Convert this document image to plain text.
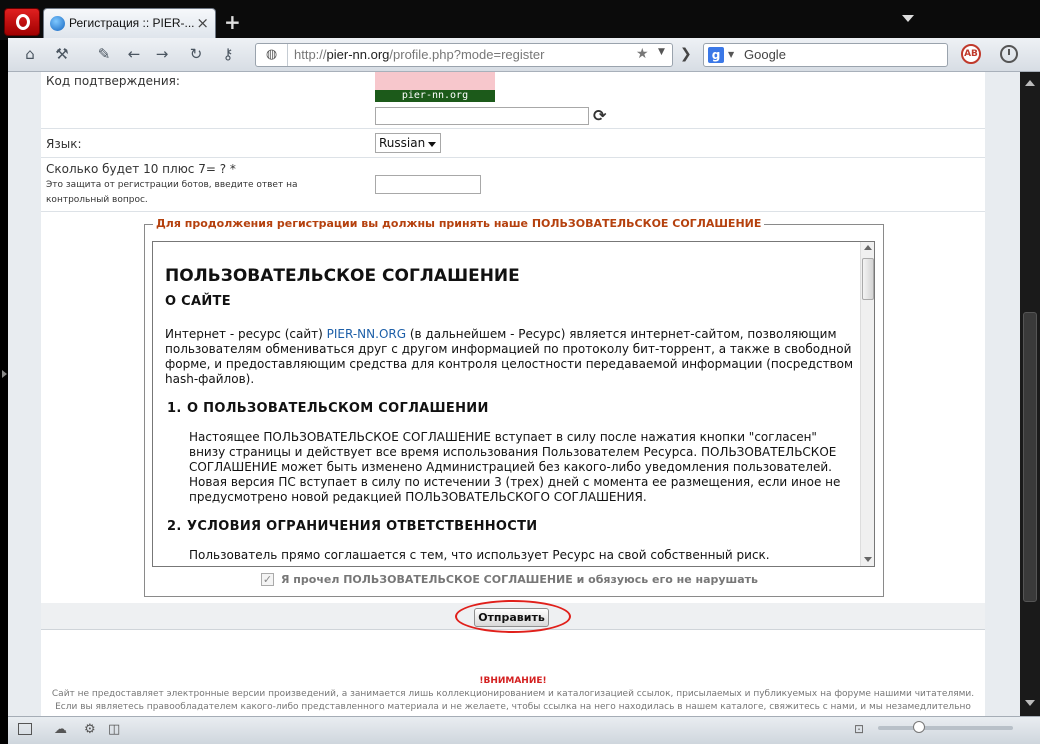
Регистрация :: PIER-... × +
⌂	⚒ ✎ ← → ↻	⚷	◍	http://pier-nn.org/profile.php?mode=register	★ ▼ ❯	g ▼ Google	AB
Код подтверждения:
pier-nn.org
⟳
Язык:	Russian
Сколько будет 10 плюс 7= ? *
Это защита от регистрации ботов, введите ответ на контрольный вопрос.
Для продолжения регистрации вы должны принять наше ПОЛЬЗОВАТЕЛЬСКОЕ СОГЛАШЕНИЕ
ПОЛЬЗОВАТЕЛЬСКОЕ СОГЛАШЕНИЕ
О САЙТЕ

Интернет - ресурс (сайт) PIER-NN.ORG (в дальнейшем - Ресурс) является интернет-сайтом, позволяющим пользователям обмениваться друг с другом информацией по протоколу бит-торрент, а также в свободной форме, и предоставляющим средства для контроля целостности передаваемой информации (посредством hash-файлов).

1. О ПОЛЬЗОВАТЕЛЬСКОМ СОГЛАШЕНИИ

Настоящее ПОЛЬЗОВАТЕЛЬСКОЕ СОГЛАШЕНИЕ вступает в силу после нажатия кнопки "согласен" внизу страницы и действует все время использования Пользователем Ресурса. ПОЛЬЗОВАТЕЛЬСКОЕ СОГЛАШЕНИЕ может быть изменено Администрацией без какого-либо уведомления пользователей. Новая версия ПС вступает в силу по истечении 3 (трех) дней с момента ее размещения, если иное не предусмотрено новой редакцией ПОЛЬЗОВАТЕЛЬСКОГО СОГЛАШЕНИЯ.

2. УСЛОВИЯ ОГРАНИЧЕНИЯ ОТВЕТСТВЕННОСТИ

Пользователь прямо соглашается с тем, что использует Ресурс на свой собственный риск.

✓ Я прочел ПОЛЬЗОВАТЕЛЬСКОЕ СОГЛАШЕНИЕ и обязуюсь его не нарушать
Отправить
!ВНИМАНИЕ!
Сайт не предоставляет электронные версии произведений, а занимается лишь коллекционированием и каталогизацией ссылок, присылаемых и публикуемых на форуме нашими читателями.
Если вы являетесь правообладателем какого-либо представленного материала и не желаете, чтобы ссылка на него находилась в нашем каталоге, свяжитесь с нами, и мы незамедлительно
☁ ⚙ ◫	⊡
